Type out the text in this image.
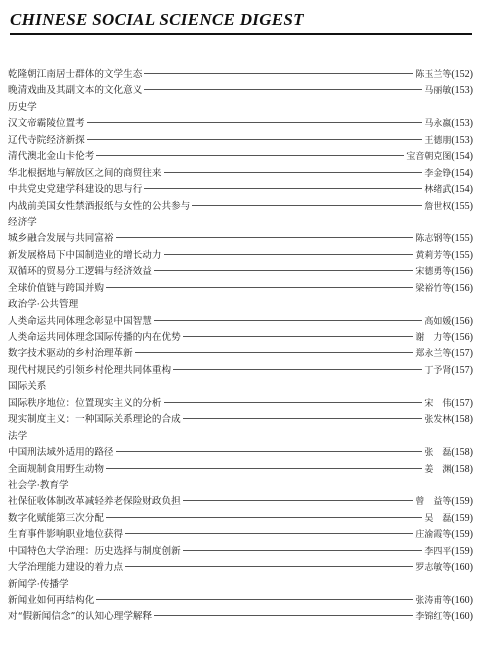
CHINESE SOCIAL SCIENCE DIGEST
乾隆朝江南居士群体的文学生态	陈玉兰等 (152)
晚清戏曲及其副文本的文化意义	马丽敏 (153)
历史学
汉文帝霸陵位置考	马永嬴 (153)
辽代寺院经济新探	王德朋 (153)
清代澳北金山卡伦考	宝音朝克图 (154)
华北根据地与解放区之间的商贸往来	李金铮 (154)
中共党史党建学科建设的思与行	林绪武 (154)
内战前美国女性禁酒报纸与女性的公共参与	詹世权 (155)
经济学
城乡融合发展与共同富裕	陈志钢等 (155)
新发展格局下中国制造业的增长动力	黄莉芳等 (155)
双循环的贸易分工逻辑与经济效益	宋德勇等 (156)
全球价值链与跨国并购	梁裕竹等 (156)
政治学·公共管理
人类命运共同体理念彰显中国智慧	高如媛 (156)
人类命运共同体理念国际传播的内在优势	谢　力等 (156)
数字技术驱动的乡村治理革新	郑永兰等 (157)
现代村规民约引领乡村伦理共同体重构	丁予肾 (157)
国际关系
国际秩序地位：位置现实主义的分析	宋　伟 (157)
现实制度主义：一种国际关系理论的合成	张发林 (158)
法学
中国刑法域外适用的路径	张　磊 (158)
全面规制食用野生动物	姜　渊 (158)
社会学·教育学
社保征收体制改革减轻养老保险财政负担	曾　益等 (159)
数字化赋能第三次分配	吴　磊 (159)
生育事件影响职业地位获得	庄渝霞等 (159)
中国特色大学治理：历史选择与制度创新	李四平 (159)
大学治理能力建设的着力点	罗志敏等 (160)
新闻学·传播学
新闻业如何再结构化	张涛甫等 (160)
对“假新闻信念”的认知心理学解释	李锦红等 (160)
